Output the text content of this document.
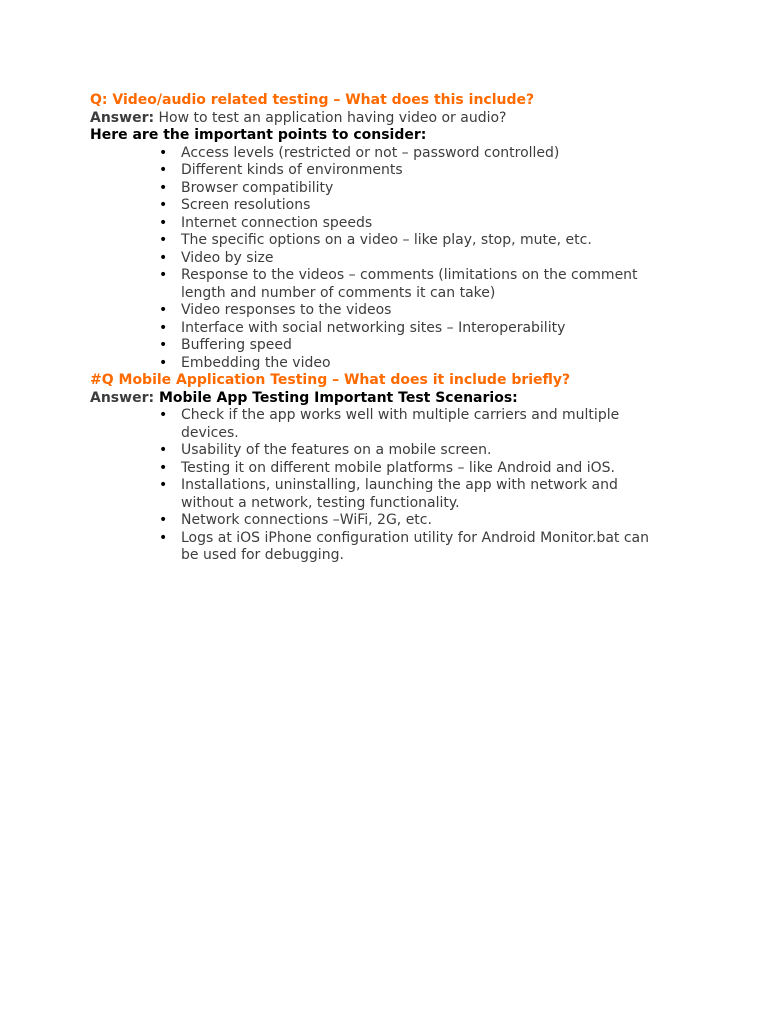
Q: Video/audio related testing – What does this include?

Answer: How to test an application having video or audio?

Here are the important points to consider:

• Access levels (restricted or not – password controlled)
• Different kinds of environments
• Browser compatibility
• Screen resolutions
• Internet connection speeds
• The specific options on a video – like play, stop, mute, etc.
• Video by size
• Response to the videos – comments (limitations on the comment length and number of comments it can take)
• Video responses to the videos
• Interface with social networking sites – Interoperability
• Buffering speed
• Embedding the video

#Q Mobile Application Testing – What does it include briefly?

Answer: Mobile App Testing Important Test Scenarios:

• Check if the app works well with multiple carriers and multiple devices.
• Usability of the features on a mobile screen.
• Testing it on different mobile platforms – like Android and iOS.
• Installations, uninstalling, launching the app with network and without a network, testing functionality.
• Network connections –WiFi, 2G, etc.
• Logs at iOS iPhone configuration utility for Android Monitor.bat can be used for debugging.
